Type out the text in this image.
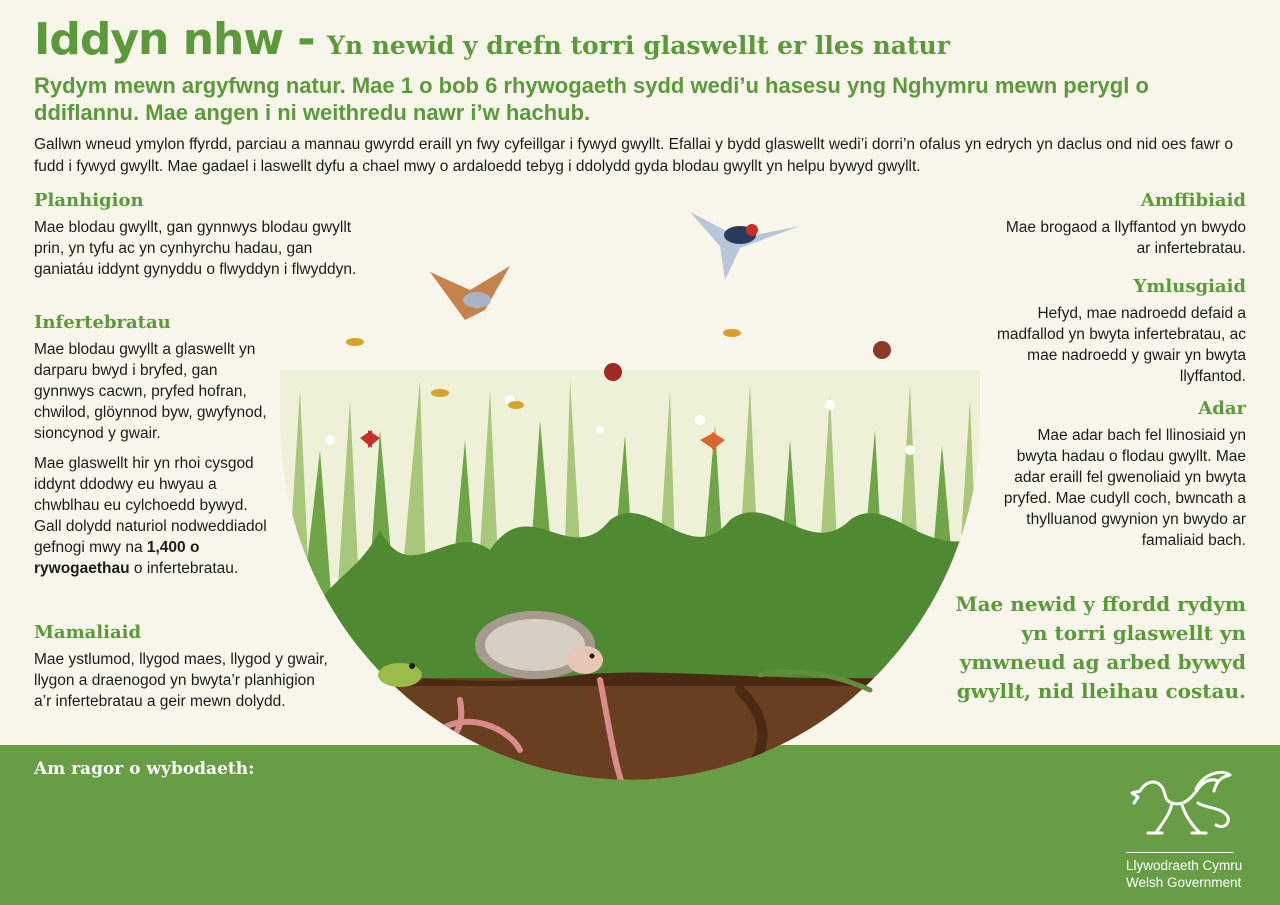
Iddyn nhw - Yn newid y drefn torri glaswellt er lles natur
Rydym mewn argyfwng natur. Mae 1 o bob 6 rhywogaeth sydd wedi’u hasesu yng Nghymru mewn perygl o ddiflannu. Mae angen i ni weithredu nawr i’w hachub.
Gallwn wneud ymylon ffyrdd, parciau a mannau gwyrdd eraill yn fwy cyfeillgar i fywyd gwyllt. Efallai y bydd glaswellt wedi’i dorri’n ofalus yn edrych yn daclus ond nid oes fawr o fudd i fywyd gwyllt. Mae gadael i laswellt dyfu a chael mwy o ardaloedd tebyg i ddolydd gyda blodau gwyllt yn helpu bywyd gwyllt.
Planhigion
Mae blodau gwyllt, gan gynnwys blodau gwyllt prin, yn tyfu ac yn cynhyrchu hadau, gan ganiatáu iddynt gynyddu o flwyddyn i flwyddyn.
Infertebratau
Mae blodau gwyllt a glaswellt yn darparu bwyd i bryfed, gan gynnwys cacwn, pryfed hofran, chwilod, glöynnod byw, gwyfynod, sioncynod y gwair.
Mae glaswellt hir yn rhoi cysgod iddynt ddodwy eu hwyau a chwblhau eu cylchoedd bywyd. Gall dolydd naturiol nodweddiadol gefnogi mwy na 1,400 o rywogaethau o infertebratau.
Mamaliaid
Mae ystlumod, llygod maes, llygod y gwair, llygon a draenogod yn bwyta’r planhigion a’r infertebratau a geir mewn dolydd.
Amffibiaid
Mae brogaod a llyffantod yn bwydo ar infertebratau.
Ymlusgiaid
Hefyd, mae nadroedd defaid a madfallod yn bwyta infertebratau, ac mae nadroedd y gwair yn bwyta llyffantod.
Adar
Mae adar bach fel llinosiaid yn bwyta hadau o flodau gwyllt. Mae adar eraill fel gwenoliaid yn bwyta pryfed. Mae cudyll coch, bwncath a thylluanod gwynion yn bwydo ar famaliaid bach.
Mae newid y ffordd rydym yn torri glaswellt yn ymwneud ag arbed bywyd gwyllt, nid lleihau costau.
Am ragor o wybodaeth:
Llywodraeth Cymru
Welsh Government
